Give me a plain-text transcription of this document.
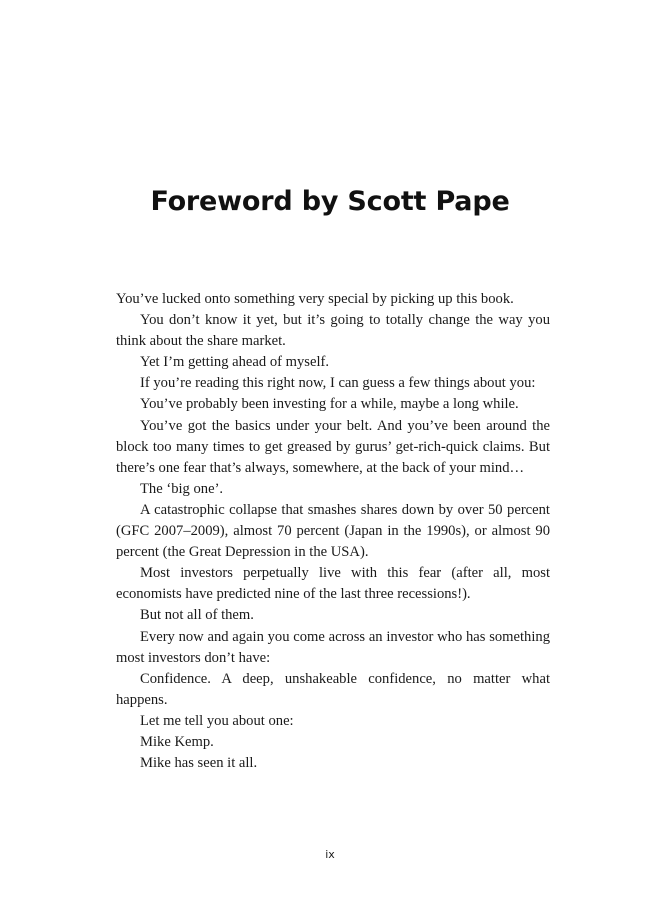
Foreword by Scott Pape

You’ve lucked onto something very special by picking up this book.

You don’t know it yet, but it’s going to totally change the way you think about the share market.

Yet I’m getting ahead of myself.

If you’re reading this right now, I can guess a few things about you:

You’ve probably been investing for a while, maybe a long while.

You’ve got the basics under your belt. And you’ve been around the block too many times to get greased by gurus’ get-rich-quick claims. But there’s one fear that’s always, somewhere, at the back of your mind…

The ‘big one’.

A catastrophic collapse that smashes shares down by over 50 percent (GFC 2007–2009), almost 70 percent (Japan in the 1990s), or almost 90 percent (the Great Depression in the USA).

Most investors perpetually live with this fear (after all, most economists have predicted nine of the last three recessions!).

But not all of them.

Every now and again you come across an investor who has something most investors don’t have:

Confidence. A deep, unshakeable confidence, no matter what happens.

Let me tell you about one:

Mike Kemp.

Mike has seen it all.

ix
